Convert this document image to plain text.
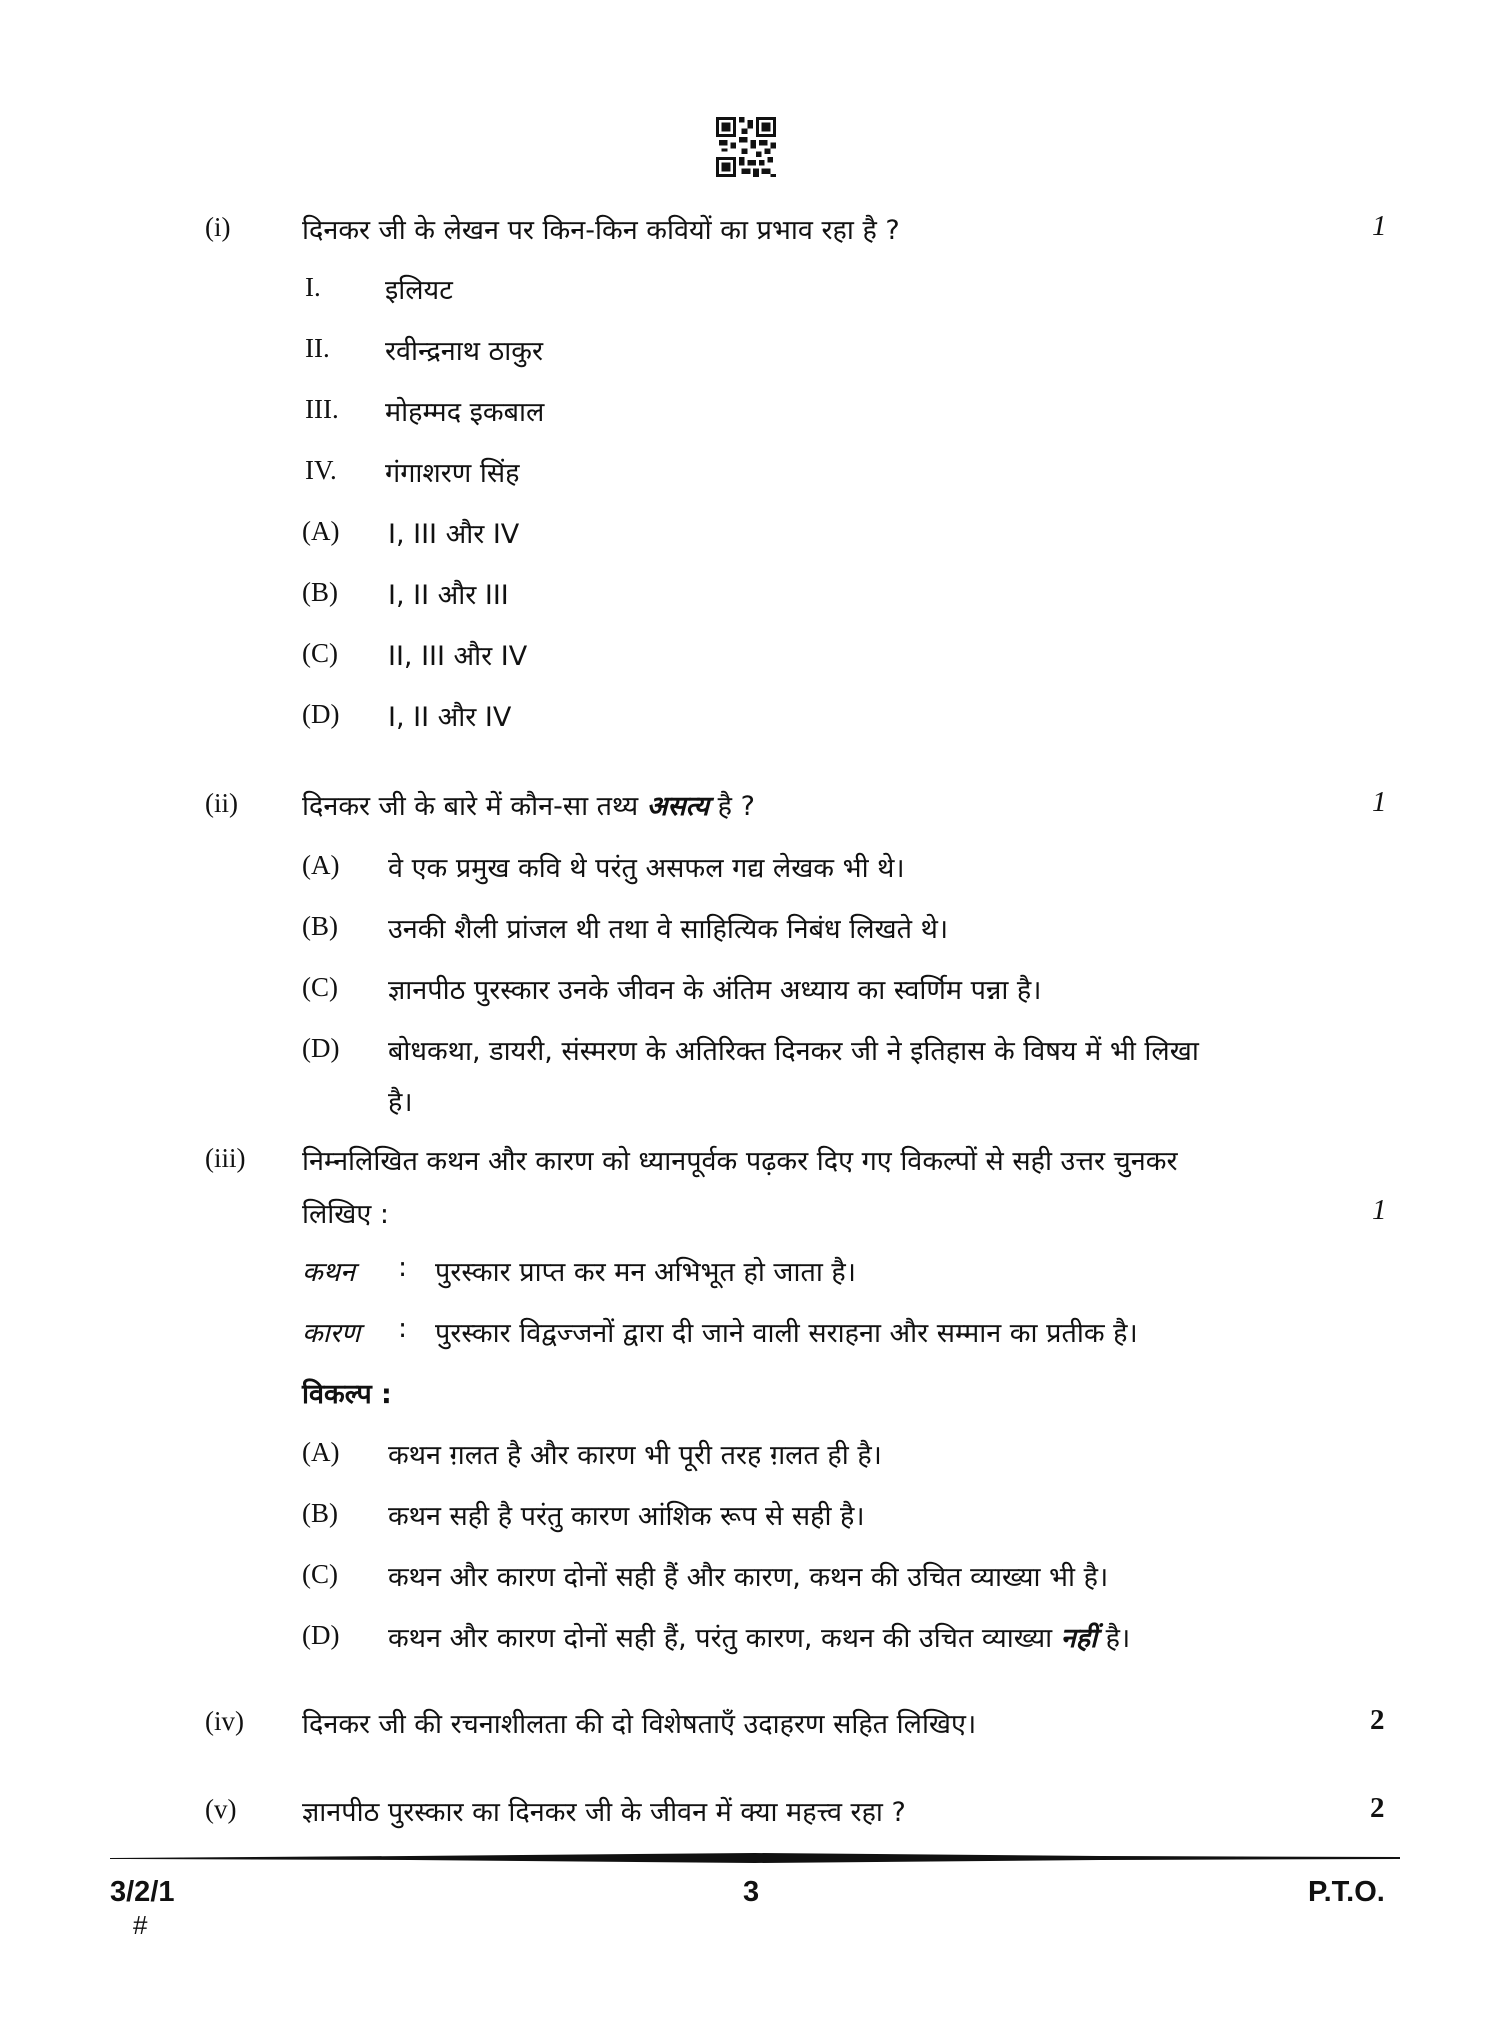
(i)	दिनकर जी के लेखन पर किन-किन कवियों का प्रभाव रहा है ?	1
I. इलियट
II. रवीन्द्रनाथ ठाकुर
III. मोहम्मद इकबाल
IV. गंगाशरण सिंह
(A) I, III और IV
(B) I, II और III
(C) II, III और IV
(D) I, II और IV
(ii) दिनकर जी के बारे में कौन-सा तथ्य असत्य है ?	1
(A) वे एक प्रमुख कवि थे परंतु असफल गद्य लेखक भी थे।
(B) उनकी शैली प्रांजल थी तथा वे साहित्यिक निबंध लिखते थे।
(C) ज्ञानपीठ पुरस्कार उनके जीवन के अंतिम अध्याय का स्वर्णिम पन्ना है।
(D) बोधकथा, डायरी, संस्मरण के अतिरिक्त दिनकर जी ने इतिहास के विषय में भी लिखा
है।
(iii) निम्नलिखित कथन और कारण को ध्यानपूर्वक पढ़कर दिए गए विकल्पों से सही उत्तर चुनकर
लिखिए :	1
कथन : पुरस्कार प्राप्त कर मन अभिभूत हो जाता है।
कारण : पुरस्कार विद्वज्जनों द्वारा दी जाने वाली सराहना और सम्मान का प्रतीक है।
विकल्प :
(A) कथन ग़लत है और कारण भी पूरी तरह ग़लत ही है।
(B) कथन सही है परंतु कारण आंशिक रूप से सही है।
(C) कथन और कारण दोनों सही हैं और कारण, कथन की उचित व्याख्या भी है।
(D) कथन और कारण दोनों सही हैं, परंतु कारण, कथन की उचित व्याख्या नहीं है।
(iv) दिनकर जी की रचनाशीलता की दो विशेषताएँ उदाहरण सहित लिखिए।	2
(v) ज्ञानपीठ पुरस्कार का दिनकर जी के जीवन में क्या महत्त्व रहा ?	2
3/2/1
#
3	P.T.O.
